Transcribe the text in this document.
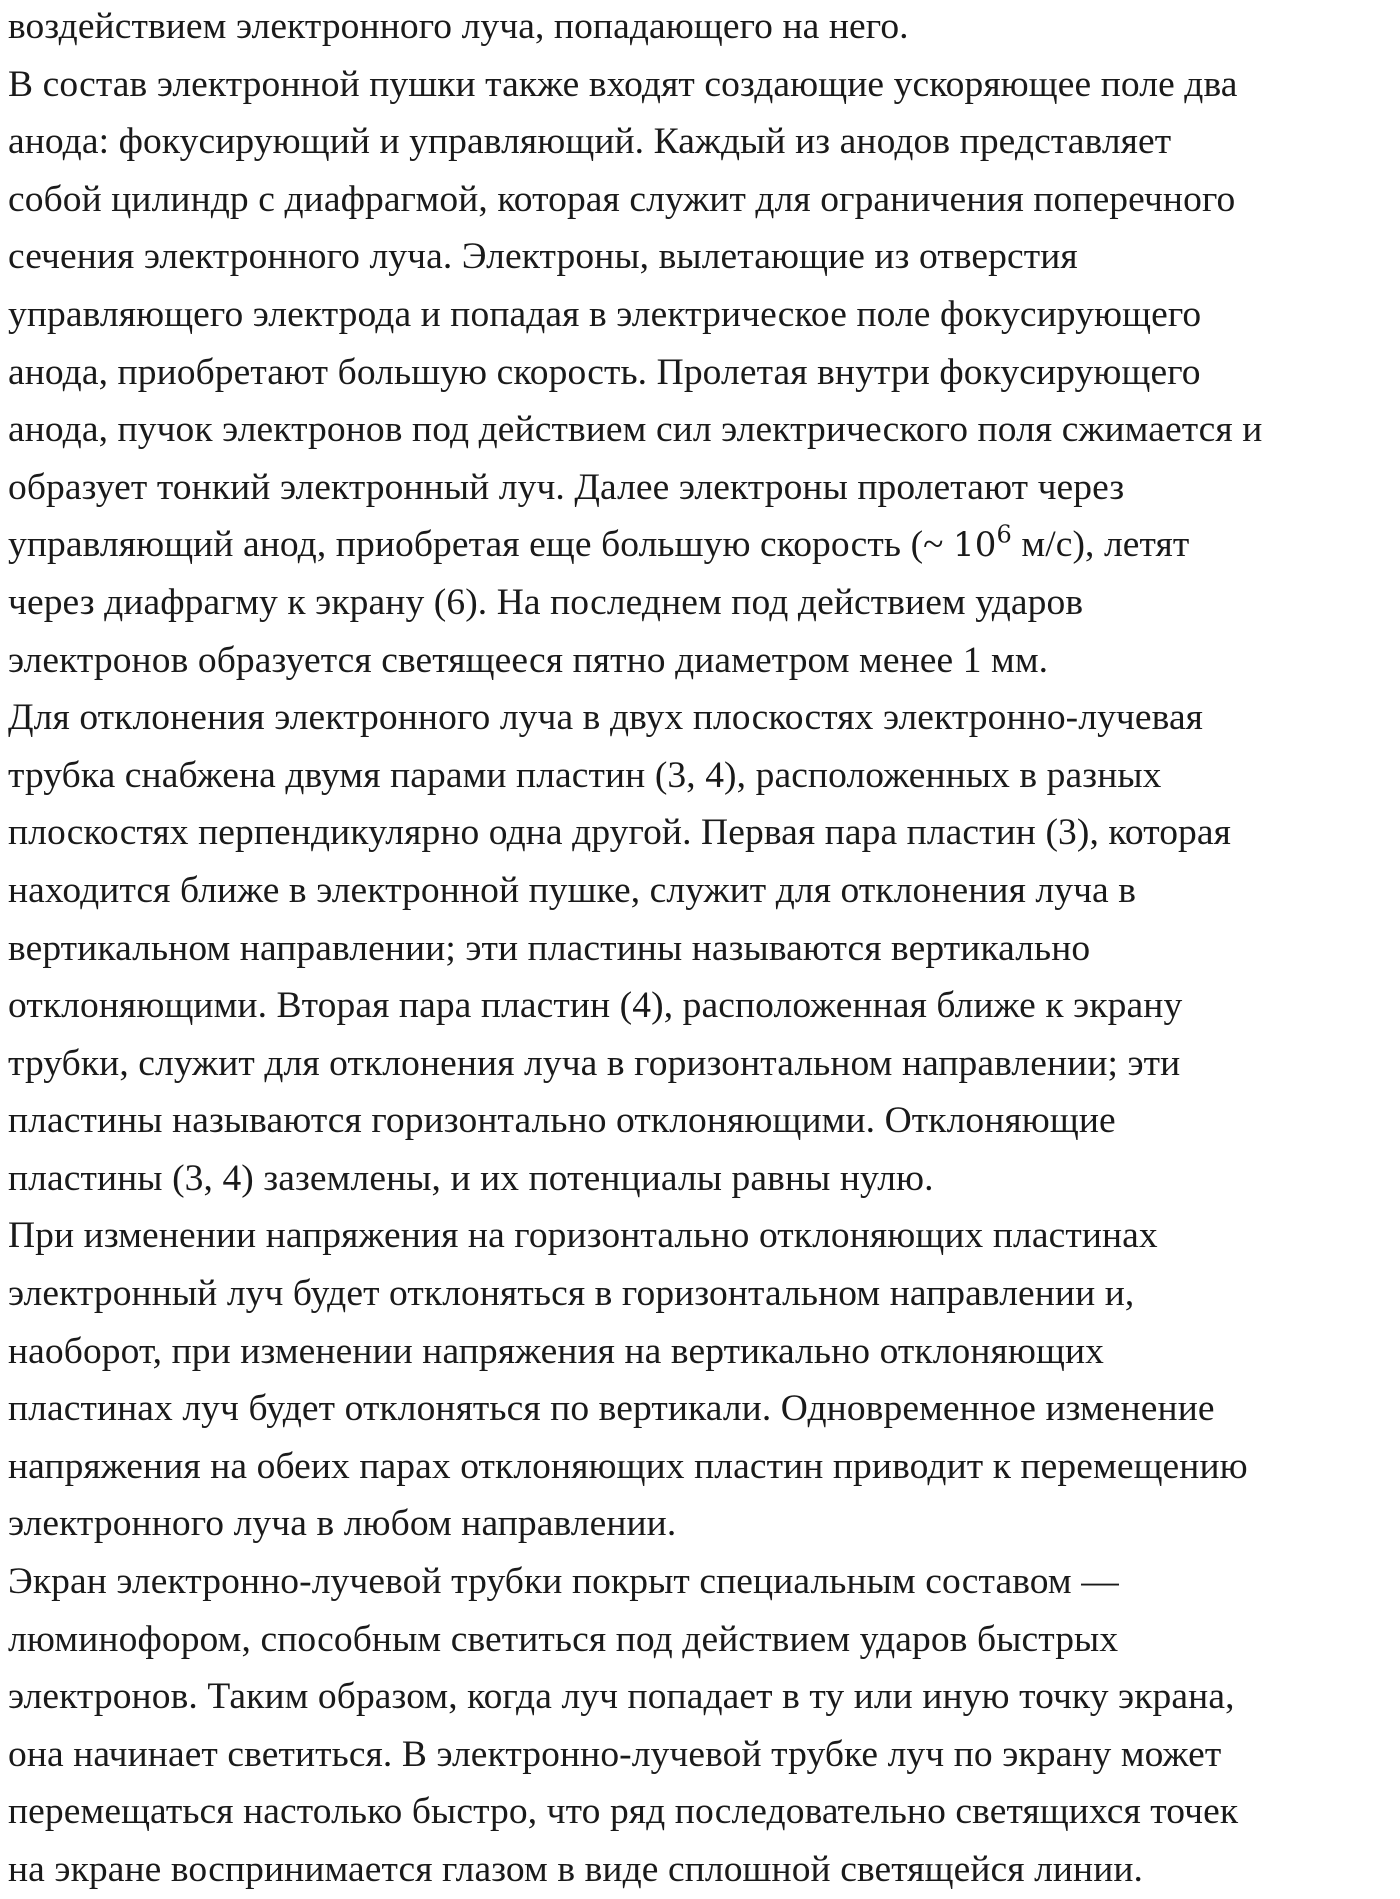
воздействием электронного луча, попадающего на него.
В состав электронной пушки также входят создающие ускоряющее поле два
анода: фокусирующий и управляющий. Каждый из анодов представляет
собой цилиндр с диафрагмой, которая служит для ограничения поперечного
сечения электронного луча. Электроны, вылетающие из отверстия
управляющего электрода и попадая в электрическое поле фокусирующего
анода, приобретают большую скорость. Пролетая внутри фокусирующего
анода, пучок электронов под действием сил электрического поля сжимается и
образует тонкий электронный луч. Далее электроны пролетают через
управляющий анод, приобретая еще большую скорость (~ $10^6$ м/с), летят
через диафрагму к экрану (6). На последнем под действием ударов
электронов образуется светящееся пятно диаметром менее 1 мм.
Для отклонения электронного луча в двух плоскостях электронно-лучевая
трубка снабжена двумя парами пластин (3, 4), расположенных в разных
плоскостях перпендикулярно одна другой. Первая пара пластин (3), которая
находится ближе в электронной пушке, служит для отклонения луча в
вертикальном направлении; эти пластины называются вертикально
отклоняющими. Вторая пара пластин (4), расположенная ближе к экрану
трубки, служит для отклонения луча в горизонтальном направлении; эти
пластины называются горизонтально отклоняющими. Отклоняющие
пластины (3, 4) заземлены, и их потенциалы равны нулю.
При изменении напряжения на горизонтально отклоняющих пластинах
электронный луч будет отклоняться в горизонтальном направлении и,
наоборот, при изменении напряжения на вертикально отклоняющих
пластинах луч будет отклоняться по вертикали. Одновременное изменение
напряжения на обеих парах отклоняющих пластин приводит к перемещению
электронного луча в любом направлении.
Экран электронно-лучевой трубки покрыт специальным составом —
люминофором, способным светиться под действием ударов быстрых
электронов. Таким образом, когда луч попадает в ту или иную точку экрана,
она начинает светиться. В электронно-лучевой трубке луч по экрану может
перемещаться настолько быстро, что ряд последовательно светящихся точек
на экране воспринимается глазом в виде сплошной светящейся линии.
